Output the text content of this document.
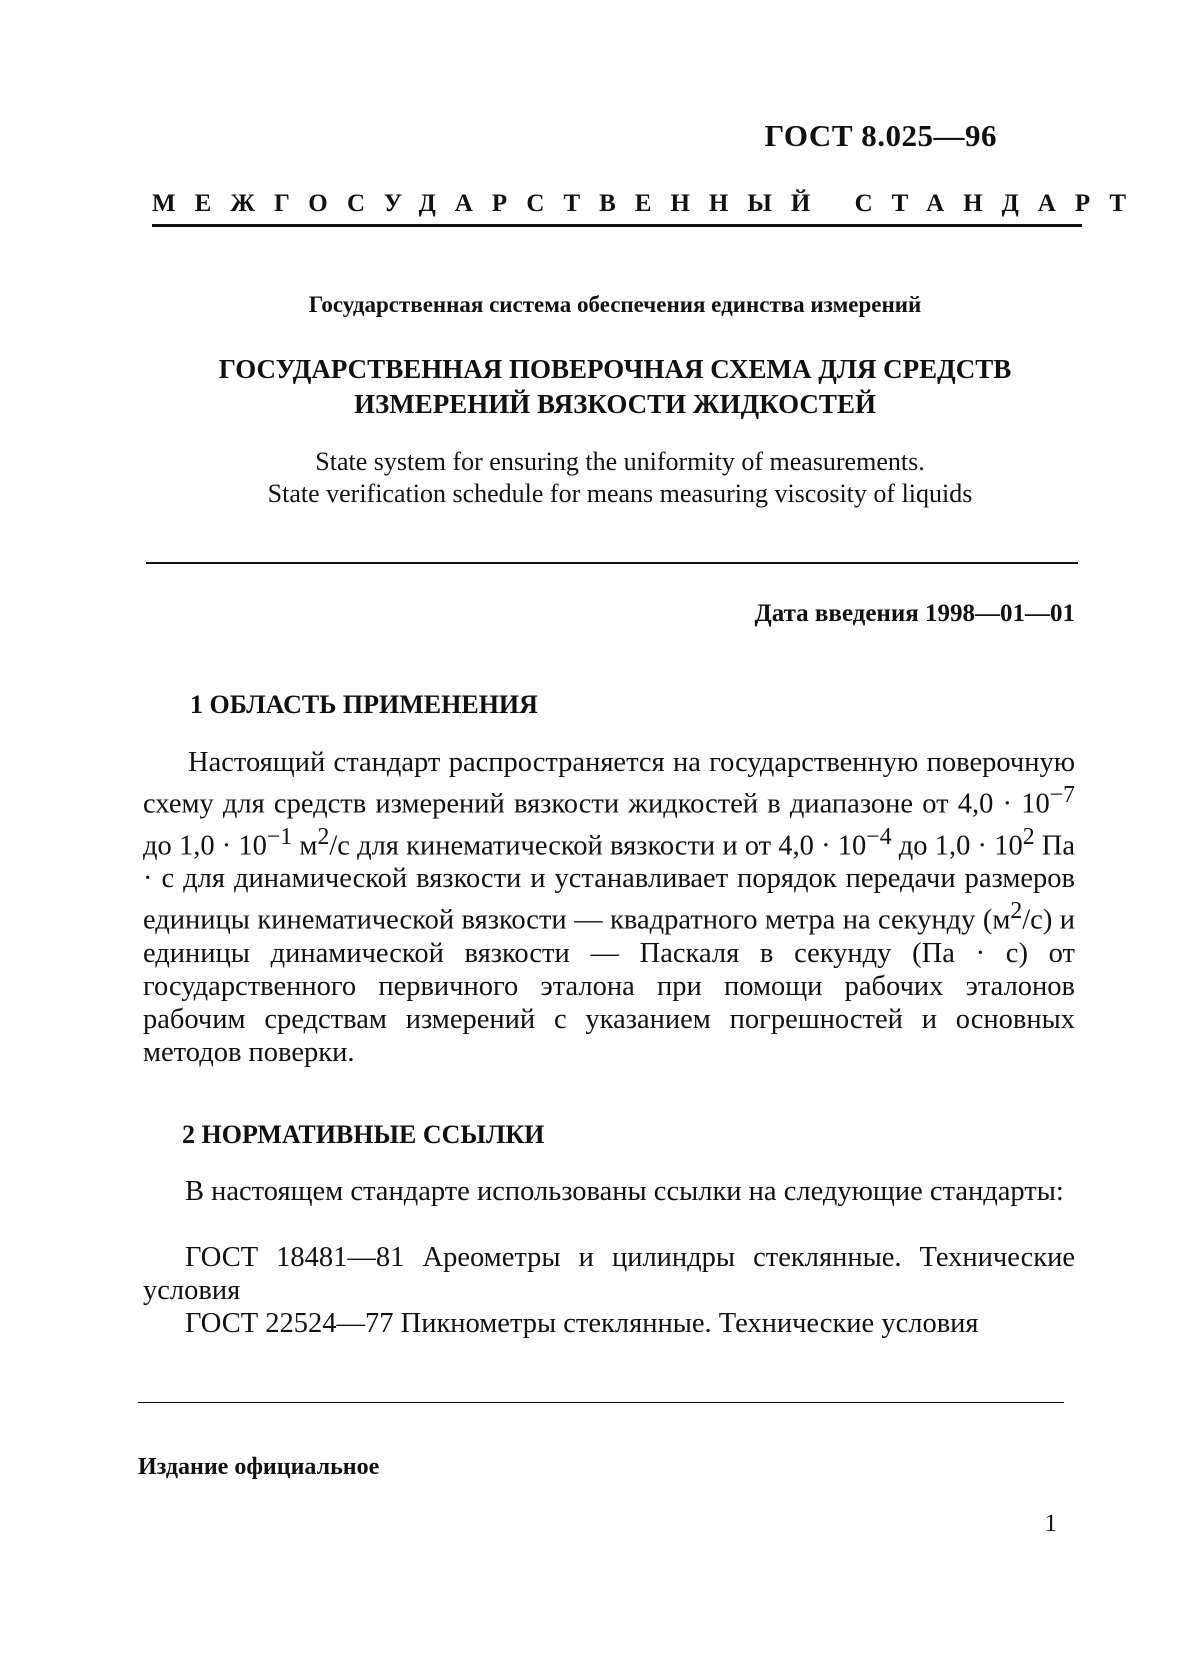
ГОСТ 8.025—96
МЕЖГОСУДАРСТВЕННЫЙ СТАНДАРТ
Государственная система обеспечения единства измерений
ГОСУДАРСТВЕННАЯ ПОВЕРОЧНАЯ СХЕМА ДЛЯ СРЕДСТВ
ИЗМЕРЕНИЙ ВЯЗКОСТИ ЖИДКОСТЕЙ
State system for ensuring the uniformity of measurements.
State verification schedule for means measuring viscosity of liquids
Дата введения 1998—01—01
1 ОБЛАСТЬ ПРИМЕНЕНИЯ
Настоящий стандарт распространяется на государственную поверочную схему для средств измерений вязкости жидкостей в диапазоне от $4,0 \cdot 10^{-7}$ до $1,0 \cdot 10^{-1}$ $м^2/с$ для кинематической вязкости и от $4,0 \cdot 10^{-4}$ до $1,0 \cdot 10^2$ Па · с для динамической вязкости и устанавливает порядок передачи размеров единицы кинематической вязкости — квадратного метра на секунду $(м^2/с)$ и единицы динамической вязкости — Паскаля в секунду (Па · с) от государственного первичного эталона при помощи рабочих эталонов рабочим средствам измерений с указанием погрешностей и основных методов поверки.
2 НОРМАТИВНЫЕ ССЫЛКИ
В настоящем стандарте использованы ссылки на следующие стандарты:
ГОСТ 18481—81 Ареометры и цилиндры стеклянные. Технические условия
ГОСТ 22524—77 Пикнометры стеклянные. Технические условия
Издание официальное
1
